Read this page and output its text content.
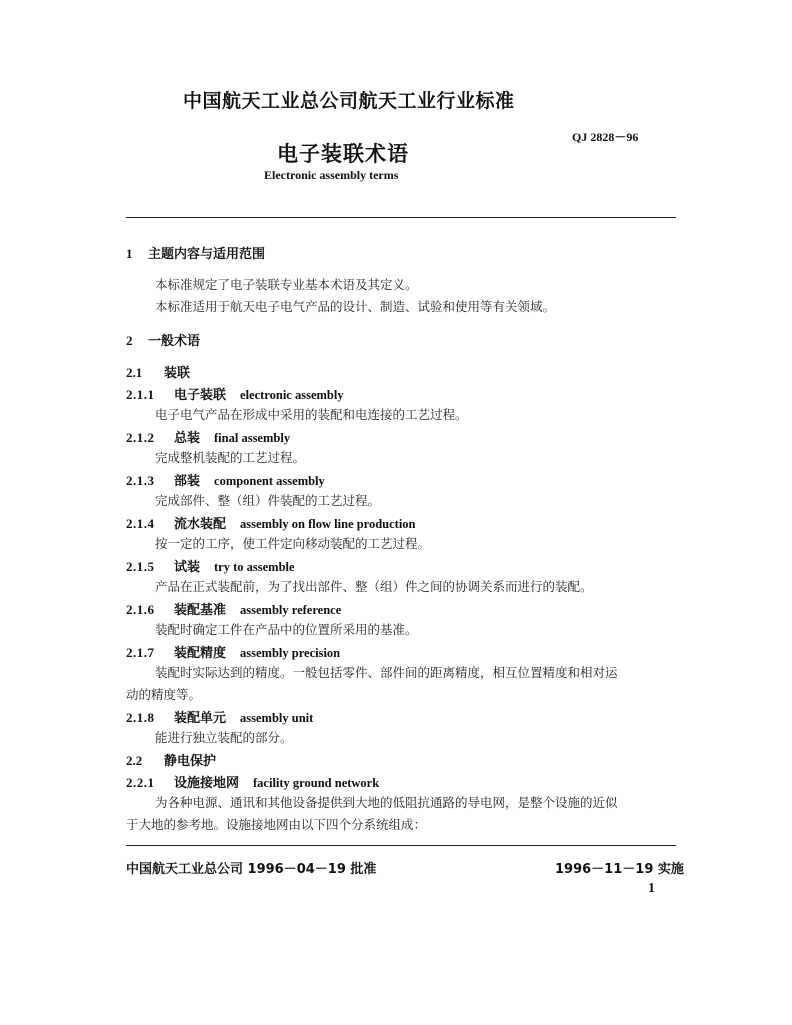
中国航天工业总公司航天工业行业标准
QJ 2828－96
电子装联术语
Electronic assembly terms
1 主题内容与适用范围
本标准规定了电子装联专业基本术语及其定义。
本标准适用于航天电子电气产品的设计、制造、试验和使用等有关领域。
2 一般术语
2.1 装联
2.1.1 电子装联 electronic assembly
电子电气产品在形成中采用的装配和电连接的工艺过程。
2.1.2 总装 final assembly
完成整机装配的工艺过程。
2.1.3 部装 component assembly
完成部件、整（组）件装配的工艺过程。
2.1.4 流水装配 assembly on flow line production
按一定的工序，使工件定向移动装配的工艺过程。
2.1.5 试装 try to assemble
产品在正式装配前，为了找出部件、整（组）件之间的协调关系而进行的装配。
2.1.6 装配基准 assembly reference
装配时确定工件在产品中的位置所采用的基准。
2.1.7 装配精度 assembly precision
装配时实际达到的精度。一般包括零件、部件间的距离精度，相互位置精度和相对运
动的精度等。
2.1.8 装配单元 assembly unit
能进行独立装配的部分。
2.2 静电保护
2.2.1 设施接地网 facility ground network
为各种电源、通讯和其他设备提供到大地的低阻抗通路的导电网，是整个设施的近似
于大地的参考地。设施接地网由以下四个分系统组成：
中国航天工业总公司 1996－04－19 批准	1996－11－19 实施
1
